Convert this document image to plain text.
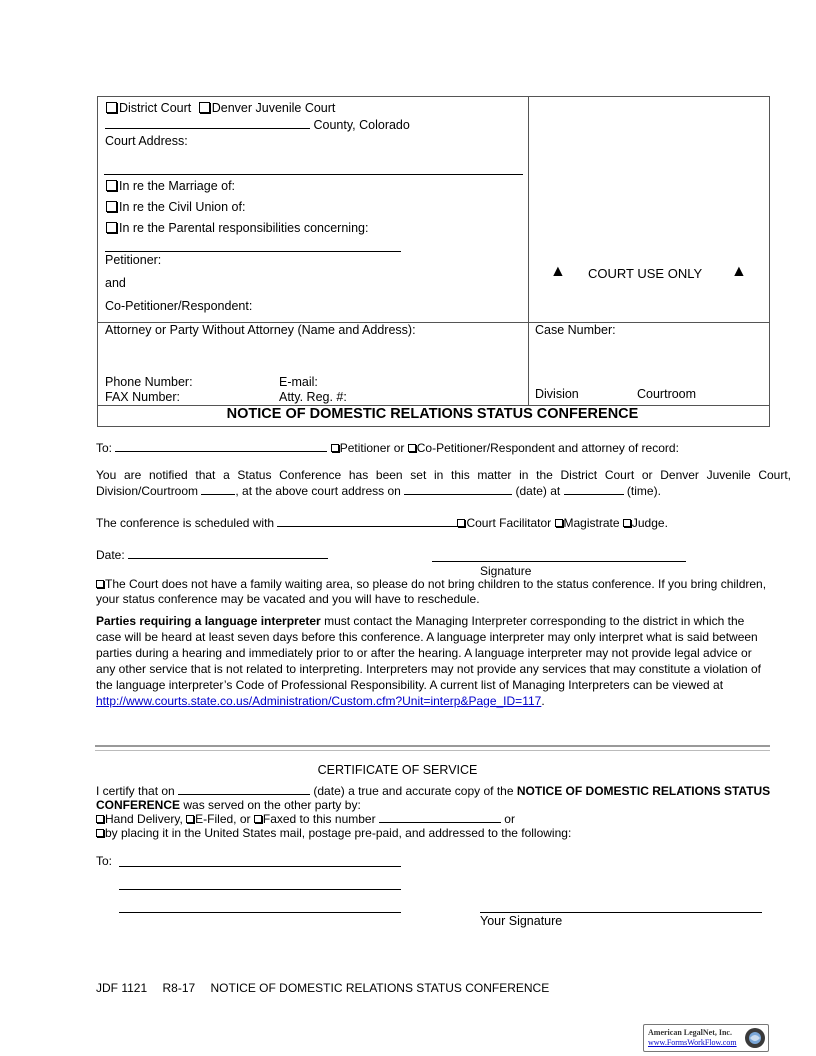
District Court Denver Juvenile Court
County, Colorado
Court Address:
In re the Marriage of:
In re the Civil Union of:
In re the Parental responsibilities concerning:
Petitioner:
and
Co-Petitioner/Respondent:
▲ COURT USE ONLY ▲
Attorney or Party Without Attorney (Name and Address):
Phone Number:	E-mail:
FAX Number:	Atty. Reg. #:
Case Number:
Division	Courtroom
NOTICE OF DOMESTIC RELATIONS STATUS CONFERENCE
To:	Petitioner or Co-Petitioner/Respondent and attorney of record:
You are notified that a Status Conference has been set in this matter in the District Court or Denver Juvenile Court,
Division/Courtroom	, at the above court address on	(date) at	(time).
The conference is scheduled with	Court Facilitator Magistrate Judge.
Date:
Signature
The Court does not have a family waiting area, so please do not bring children to the status conference. If you bring children,
your status conference may be vacated and you will have to reschedule.
Parties requiring a language interpreter must contact the Managing Interpreter corresponding to the district in which the
case will be heard at least seven days before this conference. A language interpreter may only interpret what is said between
parties during a hearing and immediately prior to or after the hearing. A language interpreter may not provide legal advice or
any other service that is not related to interpreting. Interpreters may not provide any services that may constitute a violation of
the language interpreter’s Code of Professional Responsibility. A current list of Managing Interpreters can be viewed at
http://www.courts.state.co.us/Administration/Custom.cfm?Unit=interp&Page_ID=117.
CERTIFICATE OF SERVICE
I certify that on	(date) a true and accurate copy of the NOTICE OF DOMESTIC RELATIONS STATUS
CONFERENCE was served on the other party by:
Hand Delivery, E-Filed, or Faxed to this number	or
by placing it in the United States mail, postage pre-paid, and addressed to the following:
To:
Your Signature
JDF 1121 R8-17 NOTICE OF DOMESTIC RELATIONS STATUS CONFERENCE
American LegalNet, Inc.
www.FormsWorkFlow.com
